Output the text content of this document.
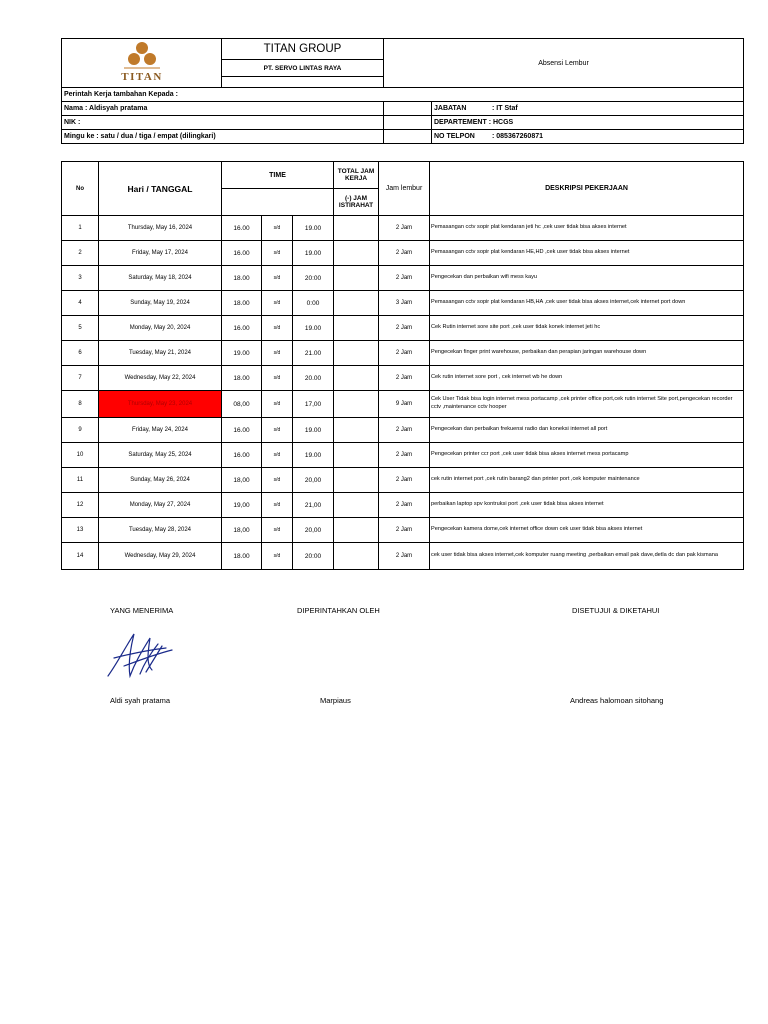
TITAN	TITAN GROUP	Absensi Lembur	
	PT. SERVO LINTAS RAYA		

Perintah Kerja tambahan Kepada :			
Nama : Aldisyah pratama			JABATAN : IT Staf
NIK :			DEPARTEMENT : HCGS
Mingu ke : satu / dua / tiga / empat (dilingkari)			NO TELPON : 085367260871
No	Hari / TANGGAL	TIME			TOTAL JAM KERJA	Jam lembur	DESKRIPSI PEKERJAAN
					(-) JAM ISTIRAHAT		
1	Thursday, May 16, 2024	16.00	s/d	19.00		2 Jam	Pemasangan cctv sopir plat kendaran jeti hc ,cek user tidak bisa akses internet
2	Friday, May 17, 2024	16.00	s/d	19.00		2 Jam	Pemasangan cctv sopir plat kendaran HE,HD ,cek user tidak bisa akses internet
3	Saturday, May 18, 2024	18.00	s/d	20:00		2 Jam	Pengecekan dan perbaikan wifi mess kayu
4	Sunday, May 19, 2024	18.00	s/d	0:00		3 Jam	Pemasangan cctv sopir plat kendaran HB,HA ,cek user tidak bisa akses internet,cek internet port down
5	Monday, May 20, 2024	16.00	s/d	19.00		2 Jam	Cek Rutin internet sore site port ,cek user tidak konek internet jeti hc
6	Tuesday, May 21, 2024	19.00	s/d	21.00		2 Jam	Pengecekan finger print warehouse, perbaikan dan perapian jaringan warehouse down
7	Wednesday, May 22, 2024	18.00	s/d	20.00		2 Jam	Cek rutin internet sore port , cek internet wb he down
8	Thursday, May 23, 2024	08,00	s/d	17,00		9 Jam	Cek User Tidak bisa login internet mess portacamp ,cek printer office port,cek rutin internet Site port,pengecekan recorder cctv ,maintenance cctv hooper
9	Friday, May 24, 2024	16.00	s/d	19.00		2 Jam	Pengecekan dan perbaikan frekuensi radio dan koneksi internet all port
10	Saturday, May 25, 2024	16.00	s/d	19.00		2 Jam	Pengecekan printer ccr port ,cek user tidak bisa akses internet mess portacamp
11	Sunday, May 26, 2024	18,00	s/d	20,00		2 Jam	cek rutin internet port ,cek rutin barang2 dan printer port ,cek komputer maintenance
12	Monday, May 27, 2024	19,00	s/d	21,00		2 Jam	perbaikan laptop spv kontruksi port ,cek user tidak bisa akses internet
13	Tuesday, May 28, 2024	18,00	s/d	20,00		2 Jam	Pengecekan kamera dome,cek internet office down cek user tidak bisa akses internet
14	Wednesday, May 29, 2024	18.00	s/d	20:00		2 Jam	cek user tidak bisa akses internet,cek komputer ruang meeting ,perbaikan email pak dave,detla dc dan pak kismana
YANG MENERIMA	DIPERINTAHKAN OLEH	DISETUJUI & DIKETAHUI
Aldi syah pratama	Marpiaus	Andreas halomoan sitohang
